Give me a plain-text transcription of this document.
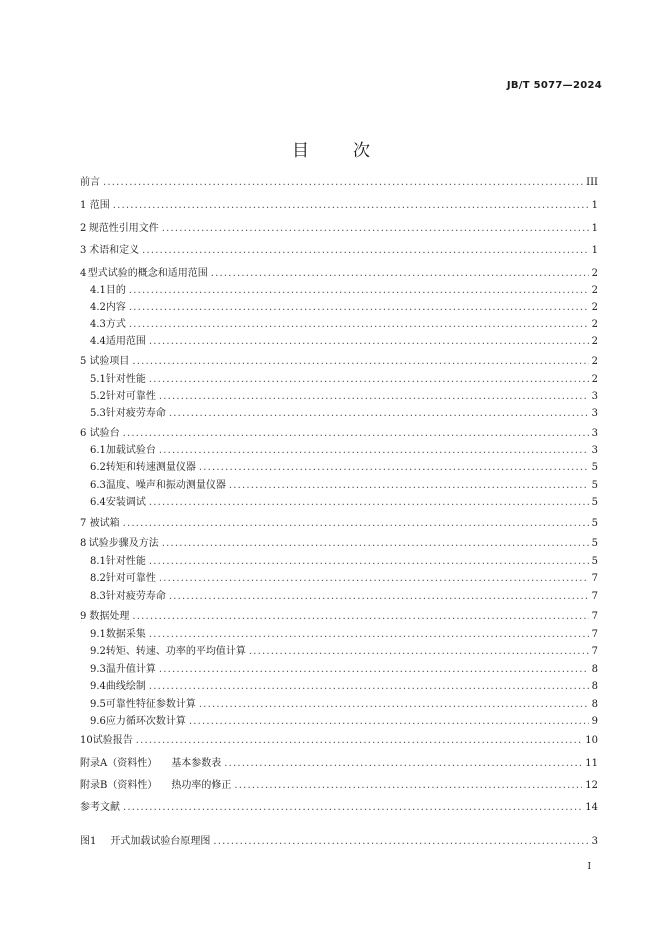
JB/T 5077—2024
目	次
前言 .....	III
1 范围 .....	1
2 规范性引用文件 .....	1
3 术语和定义 .....	1
4 型式试验的概念和适用范围 .....	2
4.1 目的 .....	2
4.2 内容 .....	2
4.3 方式 .....	2
4.4 适用范围 .....	2
5 试验项目 .....	2
5.1 针对性能 .....	2
5.2 针对可靠性 .....	3
5.3 针对疲劳寿命 .....	3
6 试验台 .....	3
6.1 加载试验台 .....	3
6.2 转矩和转速测量仪器 .....	5
6.3 温度、噪声和振动测量仪器 .....	5
6.4 安装调试 .....	5
7 被试箱 .....	5
8 试验步骤及方法 .....	5
8.1 针对性能 .....	5
8.2 针对可靠性 .....	7
8.3 针对疲劳寿命 .....	7
9 数据处理 .....	7
9.1 数据采集 .....	7
9.2 转矩、转速、功率的平均值计算 .....	7
9.3 温升值计算 .....	8
9.4 曲线绘制 .....	8
9.5 可靠性特征参数计算 .....	8
9.6 应力循环次数计算 .....	9
10 试验报告 .....	10
附录A（资料性） 基本参数表 .....	11
附录B（资料性） 热功率的修正 .....	12
参考文献 .....	14
图1 开式加载试验台原理图 .....	3
I
